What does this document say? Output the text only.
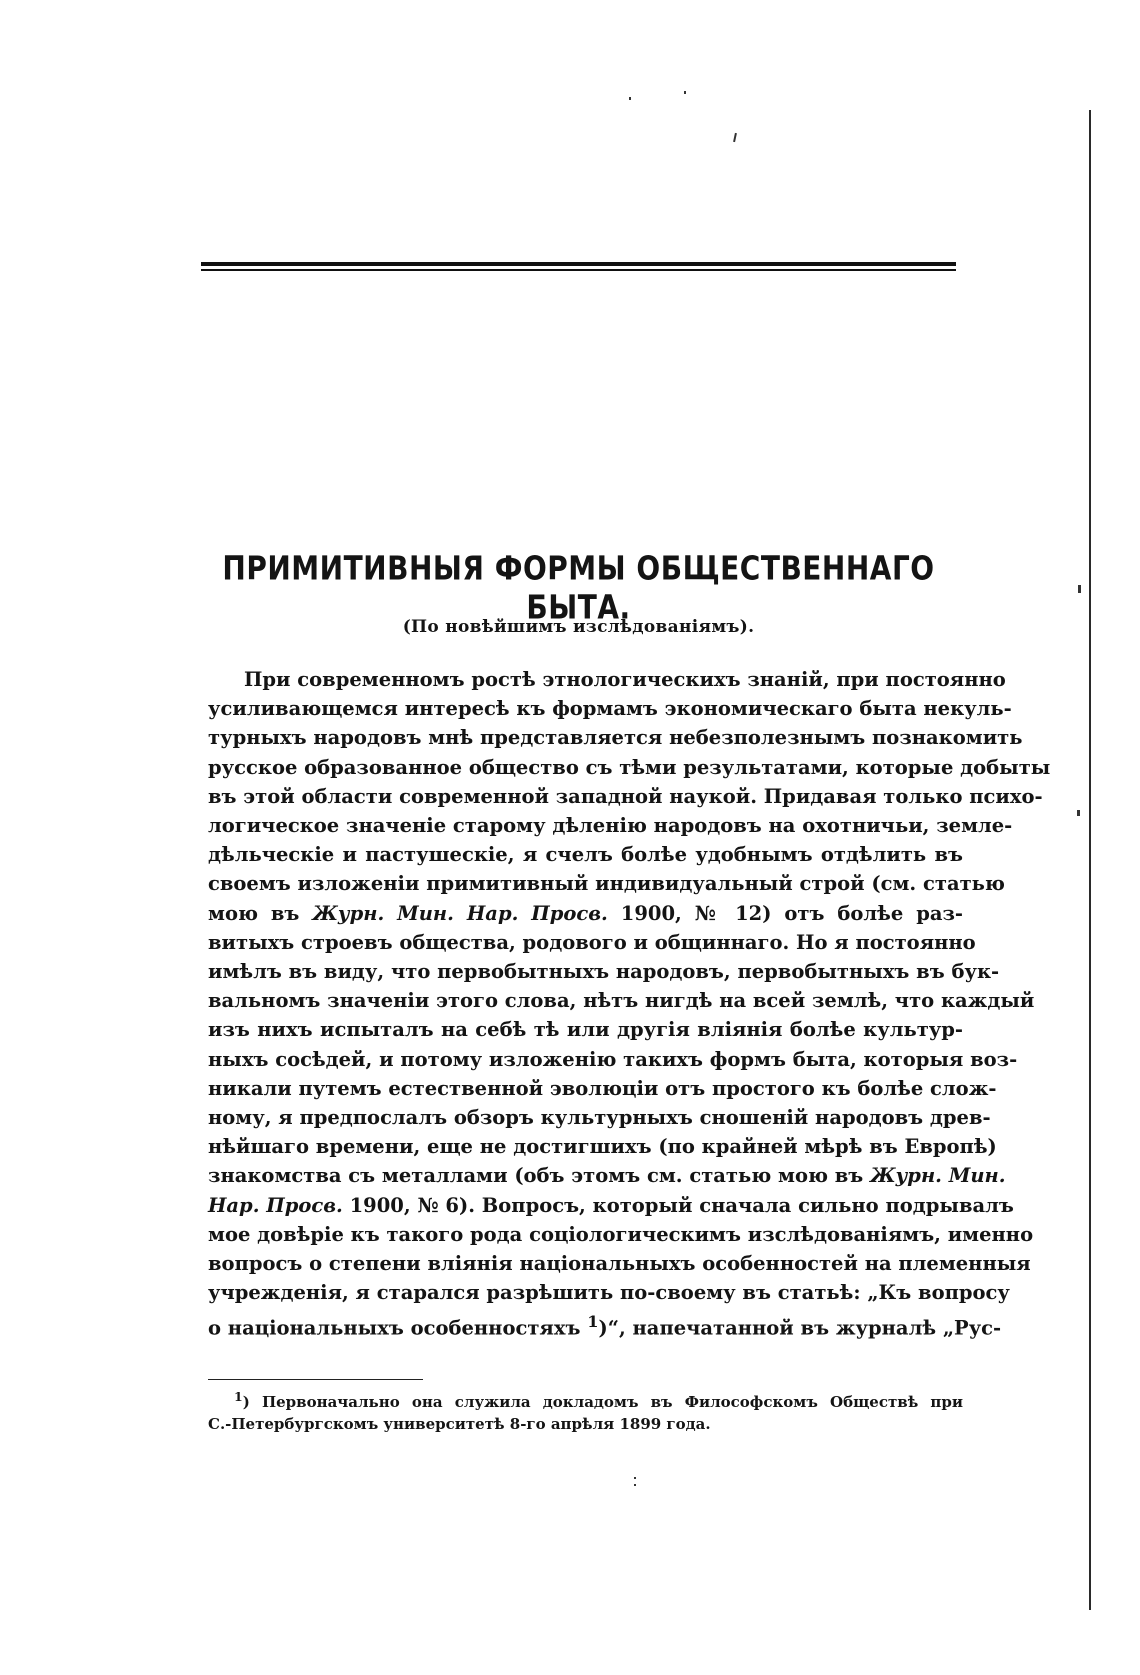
ПРИМИТИВНЫЯ ФОРМЫ ОБЩЕСТВЕННАГО БЫТА.
(По новѣйшимъ изслѣдованіямъ).
При современномъ ростѣ этнологическихъ знаній, при постоянно
усиливающемся интересѣ къ формамъ экономическаго быта некуль-
турныхъ народовъ мнѣ представляется небезполезнымъ познакомить
русское образованное общество съ тѣми результатами, которые добыты
въ этой области современной западной наукой. Придавая только психо-
логическое значеніе старому дѣленію народовъ на охотничьи, земле-
дѣльческіе и пастушескіе, я счелъ болѣе удобнымъ отдѣлить въ
своемъ изложеніи примитивный индивидуальный строй (см. статью
мою въ Журн. Мин. Нар. Просв. 1900, № 12) отъ болѣе раз-
витыхъ строевъ общества, родового и общиннаго. Но я постоянно
имѣлъ въ виду, что первобытныхъ народовъ, первобытныхъ въ бук-
вальномъ значеніи этого слова, нѣтъ нигдѣ на всей землѣ, что каждый
изъ нихъ испыталъ на себѣ тѣ или другія вліянія болѣе культур-
ныхъ сосѣдей, и потому изложенію такихъ формъ быта, которыя воз-
никали путемъ естественной эволюціи отъ простого къ болѣе слож-
ному, я предпослалъ обзоръ культурныхъ сношеній народовъ древ-
нѣйшаго времени, еще не достигшихъ (по крайней мѣрѣ въ Европѣ)
знакомства съ металлами (объ этомъ см. статью мою въ Журн. Мин.
Нар. Просв. 1900, № 6). Вопросъ, который сначала сильно подрывалъ
мое довѣріе къ такого рода соціологическимъ изслѣдованіямъ, именно
вопросъ о степени вліянія національныхъ особенностей на племенныя
учрежденія, я старался разрѣшить по-своему въ статьѣ: „Къ вопросу
о національныхъ особенностяхъ $^1$)“, напечатанной въ журналѣ „Рус-
$^1$) Первоначально она служила докладомъ въ Философскомъ Обществѣ при
С.-Петербургскомъ университетѣ 8-го апрѣля 1899 года.
